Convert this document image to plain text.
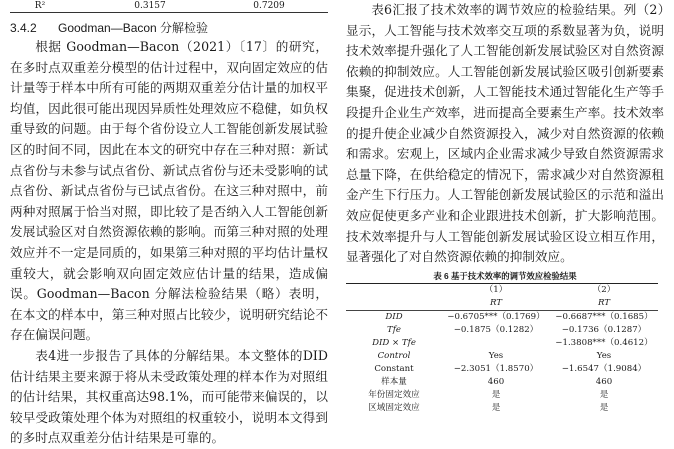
R²	0.3157	0.7209
3.4.2 Goodman—Bacon 分解检验

根据 Goodman—Bacon（2021）〔17〕的研究，在多时点双重差分模型的估计过程中，双向固定效应的估计量等于样本中所有可能的两期双重差分估计量的加权平均值，因此很可能出现因异质性处理效应不稳健，如负权重导致的问题。由于每个省份设立人工智能创新发展试验区的时间不同，因此在本文的研究中存在三种对照：新试点省份与未参与试点省份、新试点省份与还未受影响的试点省份、新试点省份与已试点省份。在这三种对照中，前两种对照属于恰当对照，即比较了是否纳入人工智能创新发展试验区对自然资源依赖的影响。而第三种对照的处理效应并不一定是同质的，如果第三种对照的平均估计量权重较大，就会影响双向固定效应估计量的结果，造成偏误。Goodman—Bacon 分解法检验结果（略）表明，在本文的样本中，第三种对照占比较少，说明研究结论不存在偏误问题。

表4进一步报告了具体的分解结果。本文整体的DID估计结果主要来源于将从未受政策处理的样本作为对照组的估计结果，其权重高达98.1%，而可能带来偏误的，以较早受政策处理个体为对照组的权重较小，说明本文得到的多时点双重差分估计结果是可靠的。

表6汇报了技术效率的调节效应的检验结果。列（2）显示，人工智能与技术效率交互项的系数显著为负，说明技术效率提升强化了人工智能创新发展试验区对自然资源依赖的抑制效应。人工智能创新发展试验区吸引创新要素集聚，促进技术创新，人工智能技术通过智能化生产等手段提升企业生产效率，进而提高全要素生产率。技术效率的提升使企业减少自然资源投入，减少对自然资源的依赖和需求。宏观上，区域内企业需求减少导致自然资源需求总量下降，在供给稳定的情况下，需求减少对自然资源租金产生下行压力。人工智能创新发展试验区的示范和溢出效应促使更多产业和企业跟进技术创新，扩大影响范围。技术效率提升与人工智能创新发展试验区设立相互作用，显著强化了对自然资源依赖的抑制效应。

表 6 基于技术效率的调节效应检验结果
	（1）	（2）
	RT	RT
DID	−0.6705***（0.1769）	−0.6687***（0.1685）
Tfe	−0.1875（0.1282）	−0.1736（0.1287）
DID × Tfe		−1.3808***（0.4612）
Control	Yes	Yes
Constant	−2.3051（1.8570）	−1.6547（1.9084）
样本量	460	460
年份固定效应	是	是
区域固定效应	是	是
